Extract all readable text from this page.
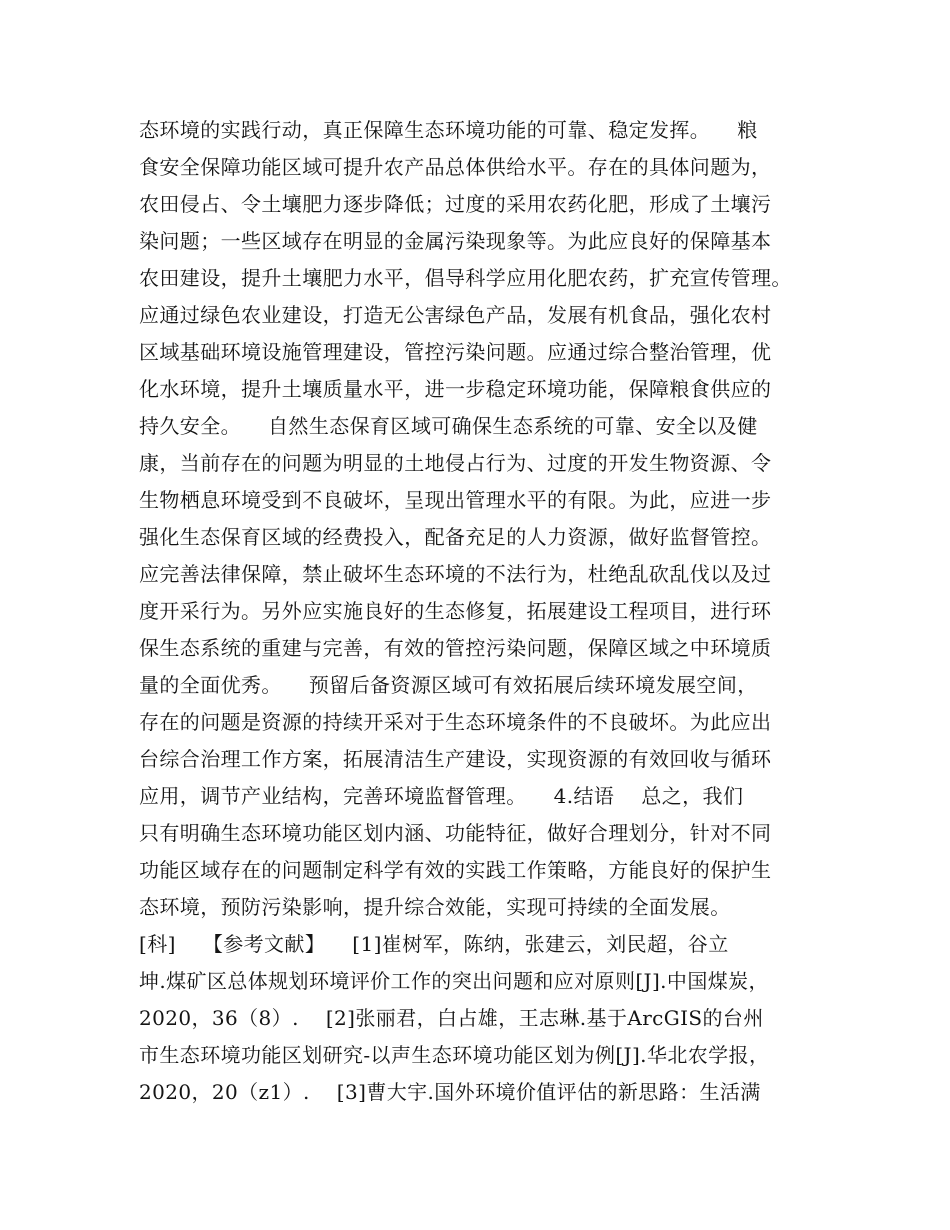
态环境的实践行动，真正保障生态环境功能的可靠、稳定发挥。    粮
食安全保障功能区域可提升农产品总体供给水平。存在的具体问题为，
农田侵占、令土壤肥力逐步降低；过度的采用农药化肥，形成了土壤污
染问题；一些区域存在明显的金属污染现象等。为此应良好的保障基本
农田建设，提升土壤肥力水平，倡导科学应用化肥农药，扩充宣传管理。
应通过绿色农业建设，打造无公害绿色产品，发展有机食品，强化农村
区域基础环境设施管理建设，管控污染问题。应通过综合整治管理，优
化水环境，提升土壤质量水平，进一步稳定环境功能，保障粮食供应的
持久安全。    自然生态保育区域可确保生态系统的可靠、安全以及健
康，当前存在的问题为明显的土地侵占行为、过度的开发生物资源、令
生物栖息环境受到不良破坏，呈现出管理水平的有限。为此，应进一步
强化生态保育区域的经费投入，配备充足的人力资源，做好监督管控。
应完善法律保障，禁止破坏生态环境的不法行为，杜绝乱砍乱伐以及过
度开采行为。另外应实施良好的生态修复，拓展建设工程项目，进行环
保生态系统的重建与完善，有效的管控污染问题，保障区域之中环境质
量的全面优秀。    预留后备资源区域可有效拓展后续环境发展空间，
存在的问题是资源的持续开采对于生态环境条件的不良破坏。为此应出
台综合治理工作方案，拓展清洁生产建设，实现资源的有效回收与循环
应用，调节产业结构，完善环境监督管理。    4.结语    总之，我们
只有明确生态环境功能区划内涵、功能特征，做好合理划分，针对不同
功能区域存在的问题制定科学有效的实践工作策略，方能良好的保护生
态环境，预防污染影响，提升综合效能，实现可持续的全面发展。
[科]    【参考文献】    [1]崔树军，陈纳，张建云，刘民超，谷立
坤.煤矿区总体规划环境评价工作的突出问题和应对原则[J].中国煤炭，
2020，36（8）.    [2]张丽君，白占雄，王志琳.基于ArcGIS的台州
市生态环境功能区划研究-以声生态环境功能区划为例[J].华北农学报，
2020，20（z1）.    [3]曹大宇.国外环境价值评估的新思路：生活满
